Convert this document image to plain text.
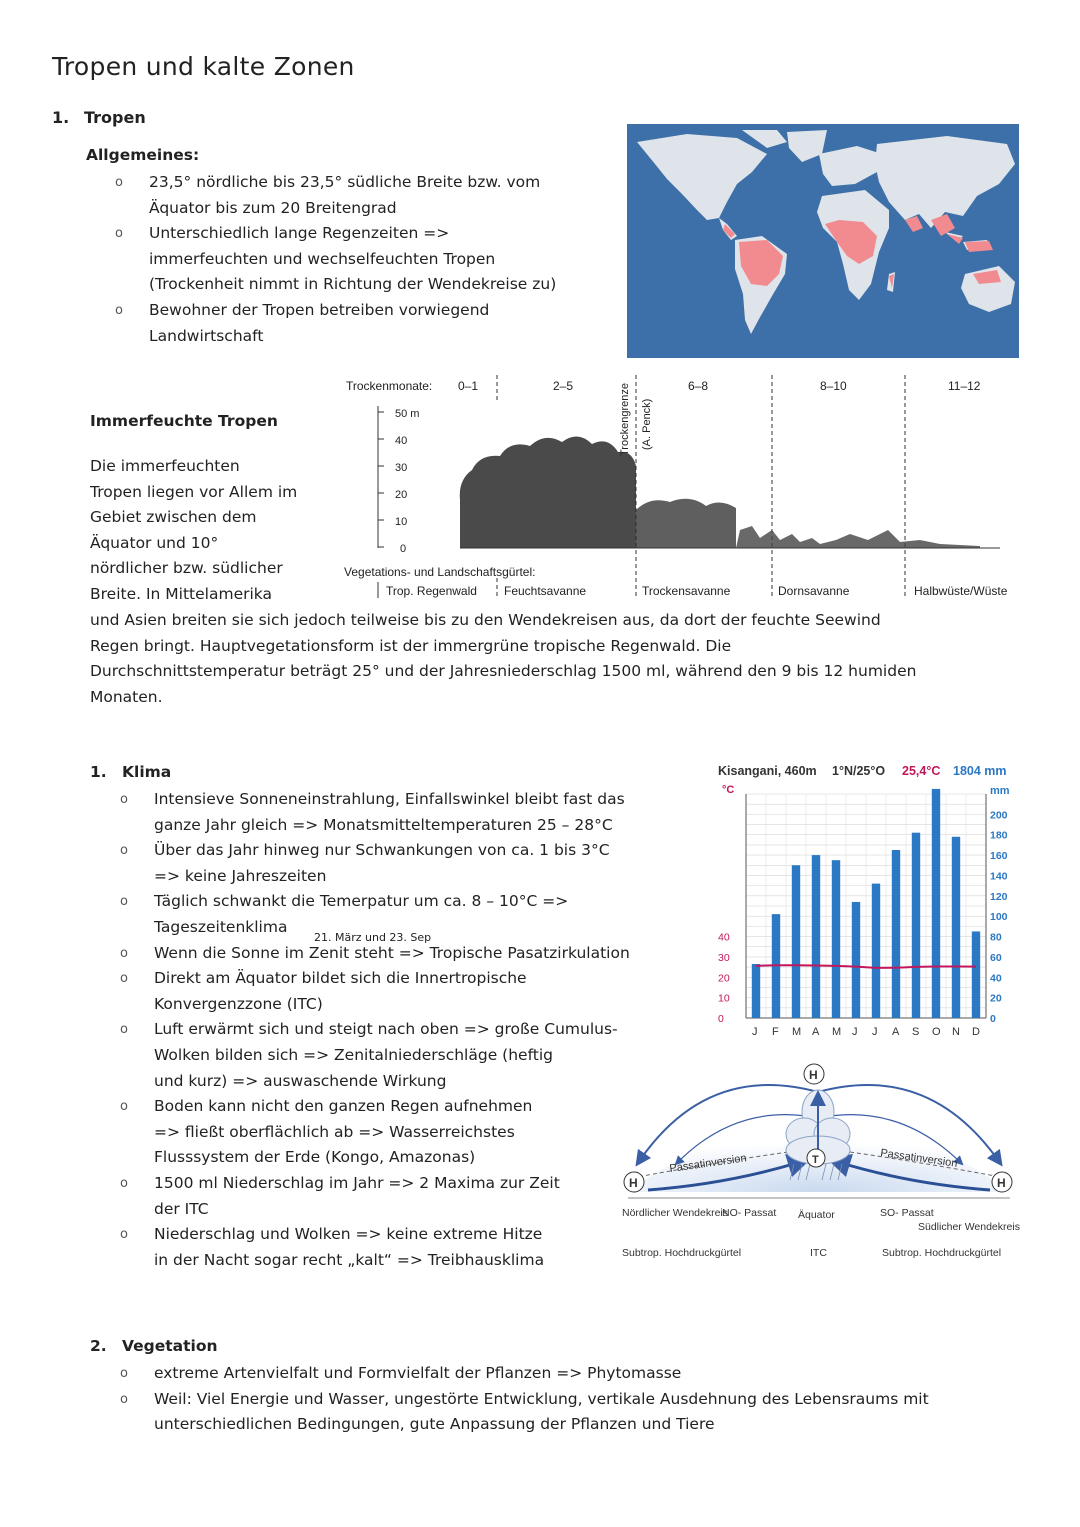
Tropen und kalte Zonen
1. Tropen
Allgemeines:
o 23,5° nördliche bis 23,5° südliche Breite bzw. vom
Äquator bis zum 20 Breitengrad
o Unterschiedlich lange Regenzeiten =>
immerfeuchten und wechselfeuchten Tropen
(Trockenheit nimmt in Richtung der Wendekreise zu)
o Bewohner der Tropen betreiben vorwiegend
Landwirtschaft
Trockenmonate: 0–1	2–5	6–8	8–10	11–12
Trockengrenze (A. Penck)
50 m
40
30
20
10
0
Vegetations- und Landschaftsgürtel:
Trop. Regenwald Feuchtsavanne	Trockensavanne	Dornsavanne	Halbwüste/Wüste
Immerfeuchte Tropen
Die immerfeuchten
Tropen liegen vor Allem im
Gebiet zwischen dem
Äquator und 10°
nördlicher bzw. südlicher
Breite. In Mittelamerika
und Asien breiten sie sich jedoch teilweise bis zu den Wendekreisen aus, da dort der feuchte Seewind
Regen bringt. Hauptvegetationsform ist der immergrüne tropische Regenwald. Die
Durchschnittstemperatur beträgt 25° und der Jahresniederschlag 1500 ml, während den 9 bis 12 humiden
Monaten.
1. Klima
o Intensieve Sonneneinstrahlung, Einfallswinkel bleibt fast das
ganze Jahr gleich => Monatsmitteltemperaturen 25 – 28°C
o Über das Jahr hinweg nur Schwankungen von ca. 1 bis 3°C
=> keine Jahreszeiten
o Täglich schwankt die Temerpatur um ca. 8 – 10°C =>
Tageszeitenklima
o Wenn die Sonne im Zenit steht => Tropische Pasatzirkulation
o Direkt am Äquator bildet sich die Innertropische
Konvergenzzone (ITC)
o Luft erwärmt sich und steigt nach oben => große Cumulus-
Wolken bilden sich => Zenitalniederschläge (heftig
und kurz) => auswaschende Wirkung
o Boden kann nicht den ganzen Regen aufnehmen
=> fließt oberflächlich ab => Wasserreichstes
Flusssystem der Erde (Kongo, Amazonas)
o 1500 ml Niederschlag im Jahr => 2 Maxima zur Zeit
der ITC
o Niederschlag und Wolken => keine extreme Hitze
in der Nacht sogar recht „kalt“ => Treibhausklima
21. März und 23. Sep
Kisangani, 460m 1°N/25°O 25,4°C 1804 mm
°C	mm
40
30
20
10
0
200
180
160
140
120
100
80
60
40
20
0
J F M A M J J A S O N D
H
T
H	H
Passatinversion	Passatinversion
Nördlicher Wendekreis
NO- Passat Äquator	SO- Passat
Südlicher Wendekreis
Subtrop. Hochdruckgürtel	ITC	Subtrop. Hochdruckgürtel
2. Vegetation
o extreme Artenvielfalt und Formvielfalt der Pflanzen => Phytomasse
o Weil: Viel Energie und Wasser, ungestörte Entwicklung, vertikale Ausdehnung des Lebensraums mit
unterschiedlichen Bedingungen, gute Anpassung der Pflanzen und Tiere
